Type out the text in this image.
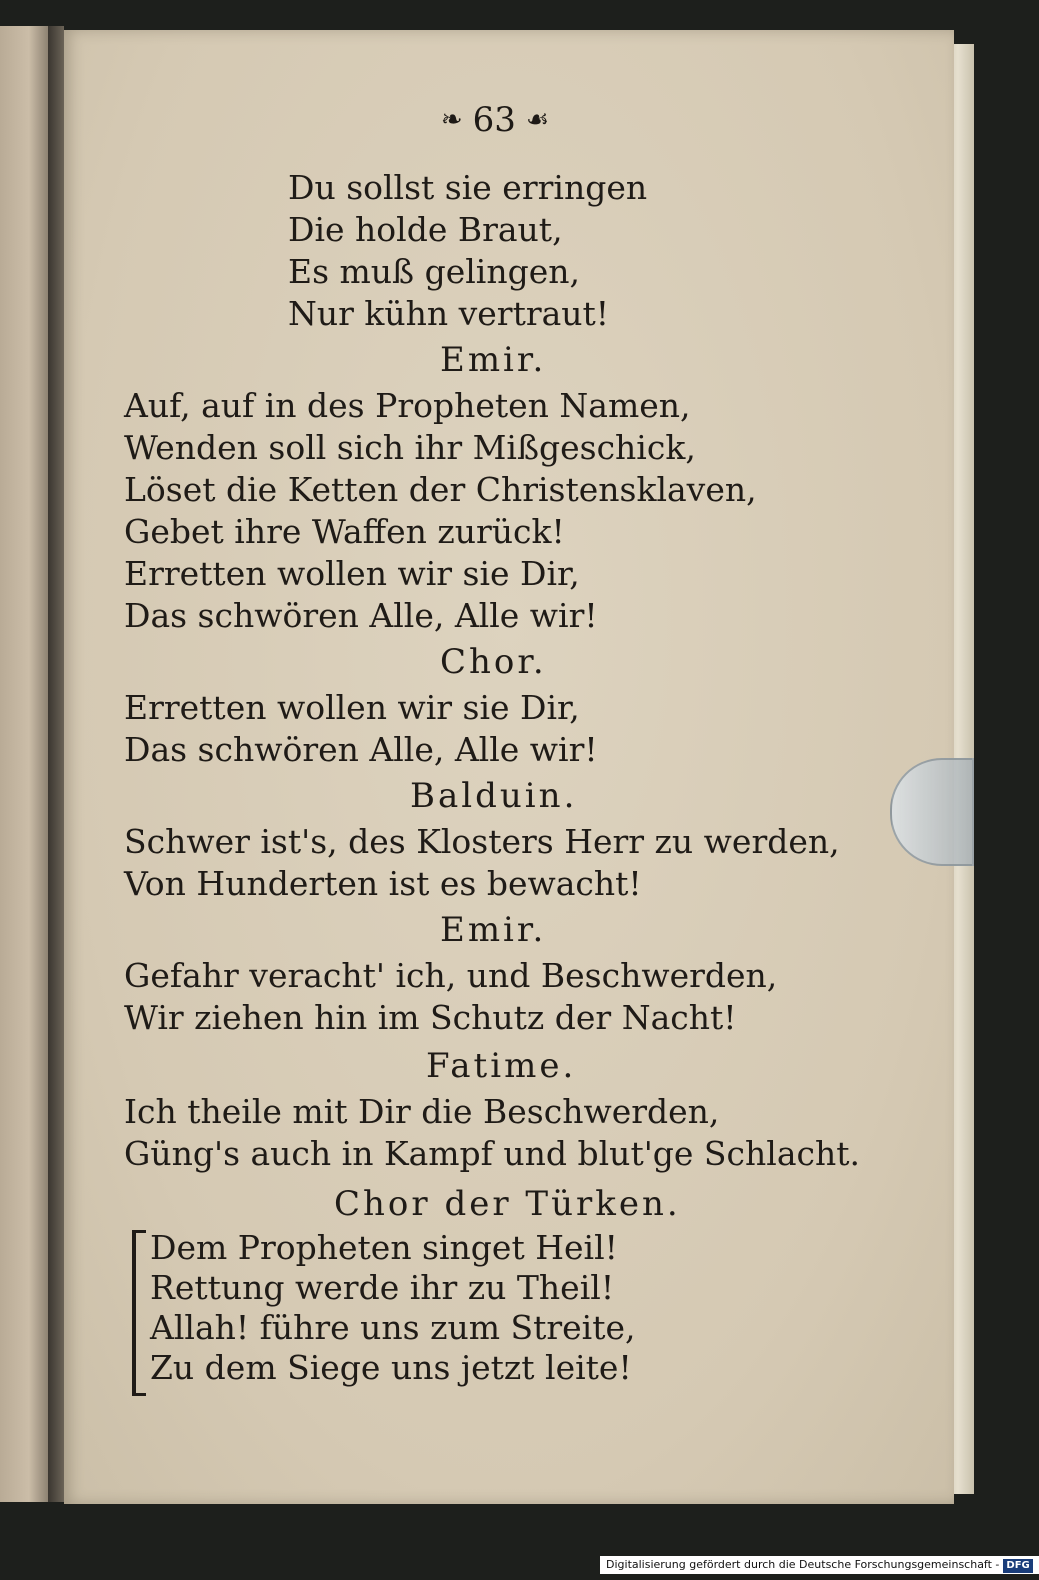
❧ 63 ☙
Du sollst sie erringen
Die holde Braut,
Es muß gelingen,
Nur kühn vertraut!
Emir.
Auf, auf in des Propheten Namen,
Wenden soll sich ihr Mißgeschick,
Löset die Ketten der Christensklaven,
Gebet ihre Waffen zurück!
Erretten wollen wir sie Dir,
Das schwören Alle, Alle wir!
Chor.
Erretten wollen wir sie Dir,
Das schwören Alle, Alle wir!
Balduin.
Schwer ist's, des Klosters Herr zu werden,
Von Hunderten ist es bewacht!
Emir.
Gefahr veracht' ich, und Beschwerden,
Wir ziehen hin im Schutz der Nacht!
Fatime.
Ich theile mit Dir die Beschwerden,
Güng's auch in Kampf und blut'ge Schlacht.
Chor der Türken.
Dem Propheten singet Heil!
Rettung werde ihr zu Theil!
Allah! führe uns zum Streite,
Zu dem Siege uns jetzt leite!
Digitalisierung gefördert durch die Deutsche Forschungsgemeinschaft - DFG
